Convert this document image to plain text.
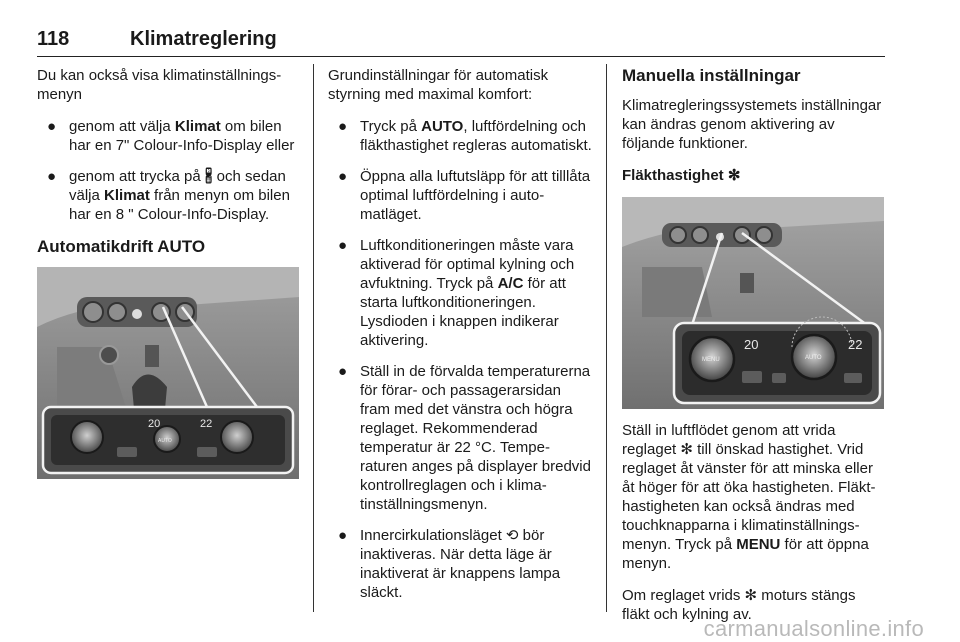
118	Klimatreglering

Du kan också visa klimatinställningsmenyn

● genom att välja Klimat om bilen har en 7" Colour-Info-Display eller
● genom att trycka på 🖁 och sedan välja Klimat från menyn om bilen har en 8 " Colour-Info-Display.
Automatikdrift AUTO
20	22
AUTO

Grundinställningar för automatisk styrning med maximal komfort:

● Tryck på AUTO, luftfördelning och fläkthastighet regleras automatiskt.
● Öppna alla luftutsläpp för att tilllåta optimal luftfördelning i automatläget.
● Luftkonditioneringen måste vara aktiverad för optimal kylning och avfuktning. Tryck på A/C för att starta luftkonditioneringen. Lysdioden i knappen indikerar aktivering.
● Ställ in de förvalda temperaturerna för förar- och passagerarsidan fram med det vänstra och högra reglaget. Rekommenderad temperatur är 22 °C. Temperaturen anges på displayer bredvid kontrollreglagen och i klimatinställningsmenyn.
● Innercirkulationsläget ⟲ bör inaktiveras. När detta läge är inaktiverat är knappens lampa släckt.
Manuella inställningar

Klimatregleringssystemets inställningar kan ändras genom aktivering av följande funktioner.

Fläkthastighet ✻
20	22
MENU	AUTO

Ställ in luftflödet genom att vrida reglaget ✻ till önskad hastighet. Vrid reglaget åt vänster för att minska eller åt höger för att öka hastigheten. Fläkthastigheten kan också ändras med touchknapparna i klimatinställningsmenyn. Tryck på MENU för att öppna menyn.

Om reglaget vrids ✻ moturs stängs fläkt och kylning av.

carmanualsonline.info
